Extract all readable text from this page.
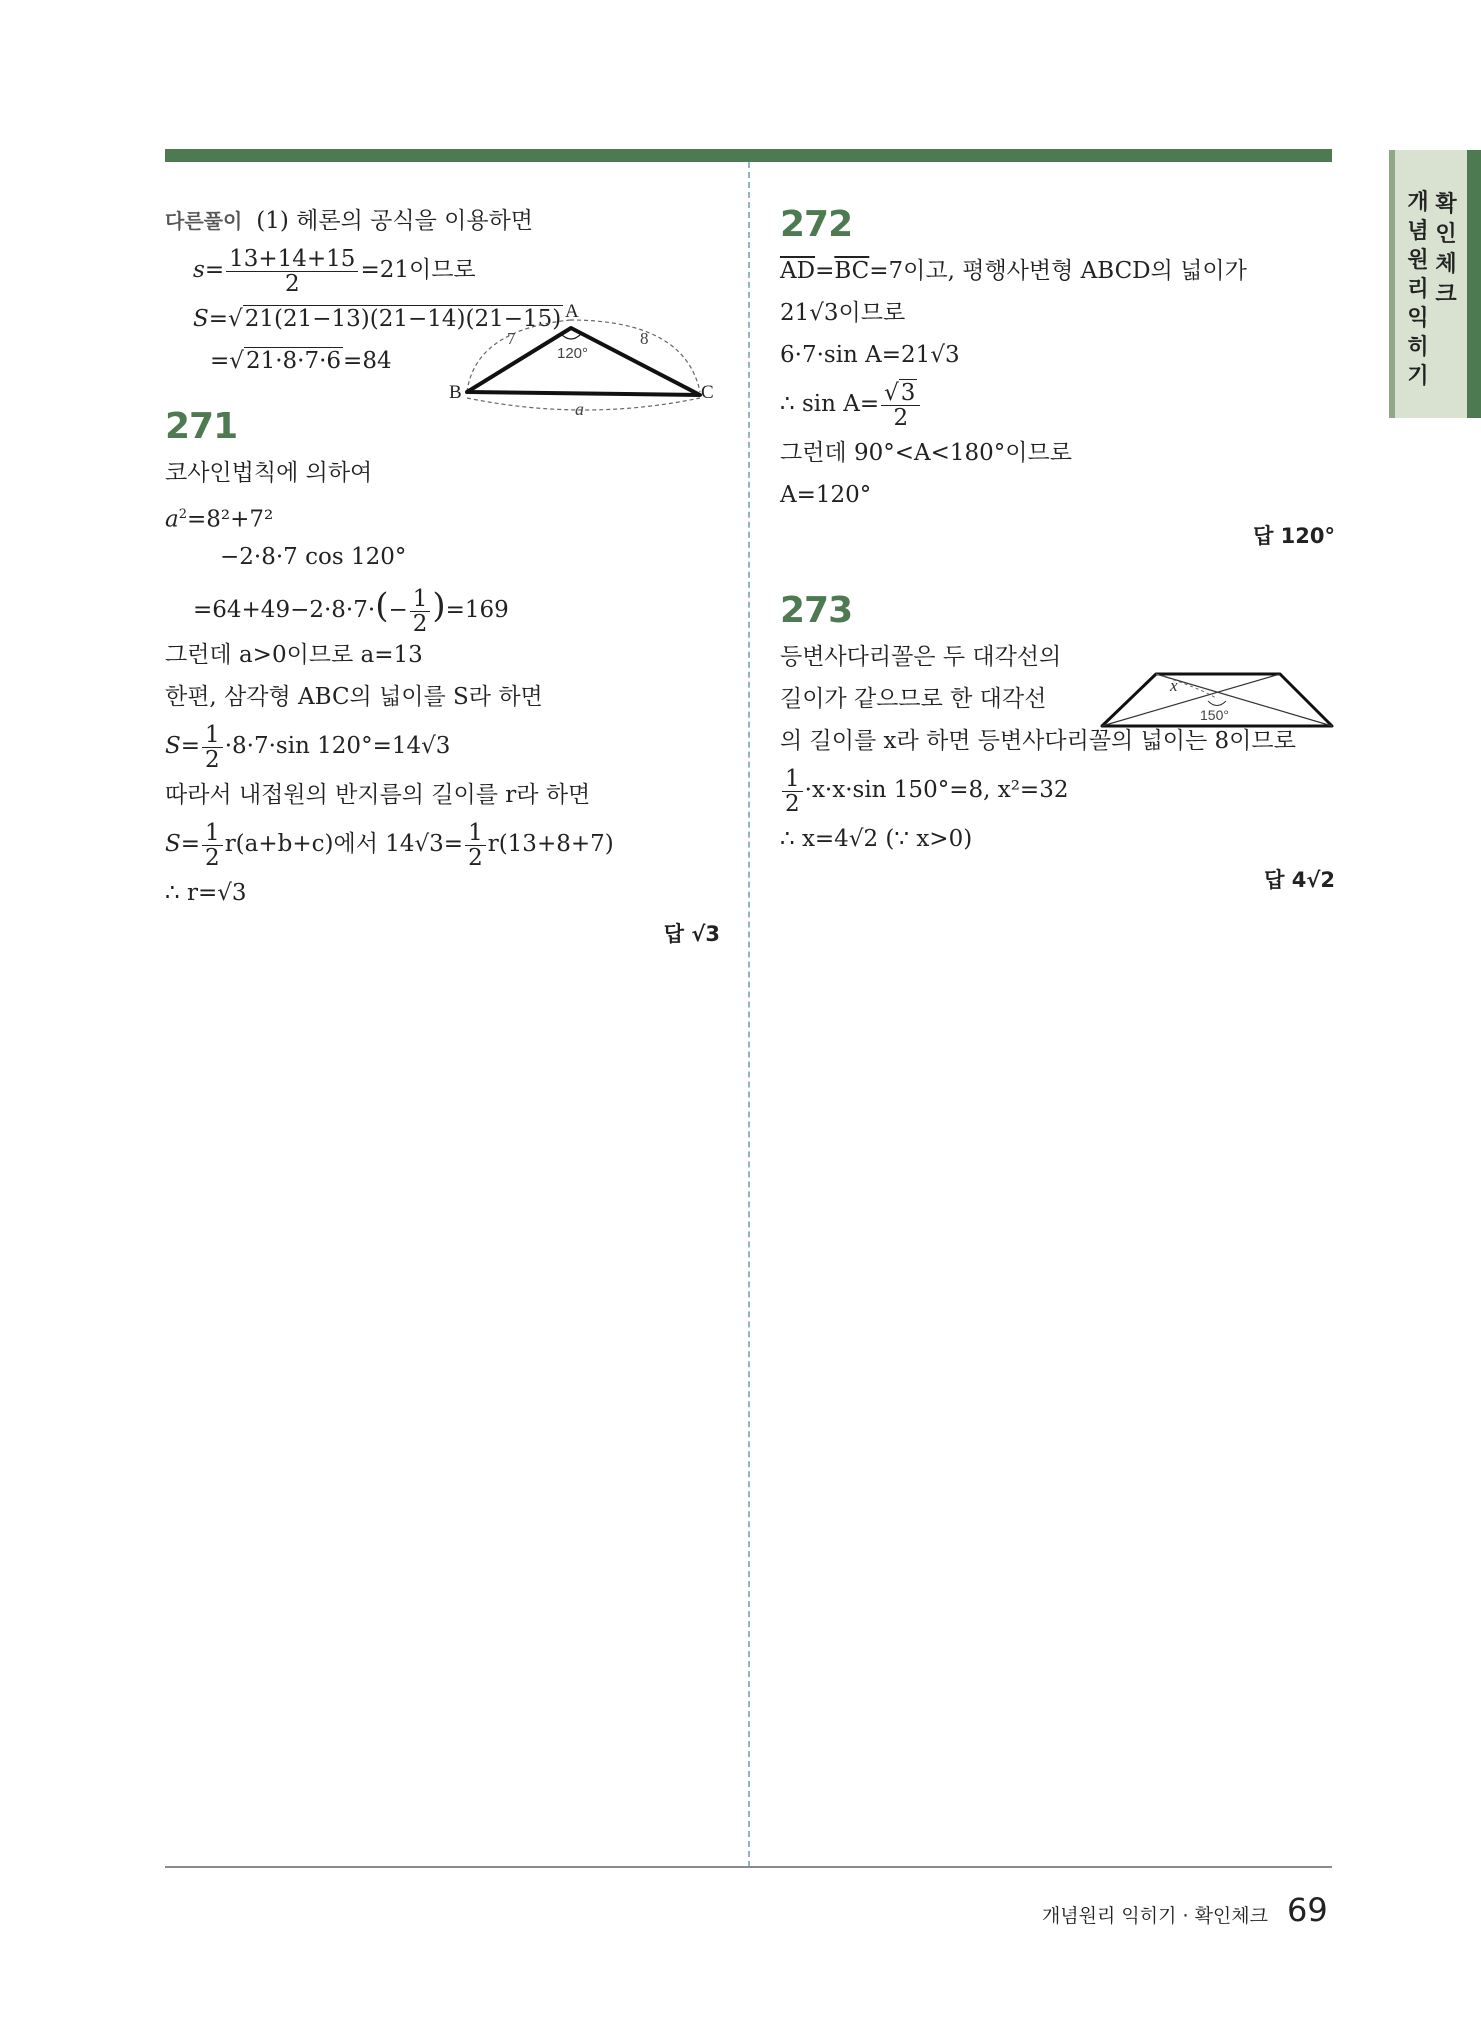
개념원리 익히기
확인체크
다른풀이 (1) 헤론의 공식을 이용하면
$s= \frac{13+14+15}{2} =21$이므로
S=√21(21−13)(21−14)(21−15)
=√21·8·7·6=84
271
코사인법칙에 의하여
$a^2=8^2+7^2$
−2·8·7 cos 120°
$=64+49-2\cdot 8\cdot 7\cdot(- \frac{1}{2} )=169$
그런데 a>0이므로 a=13
한편, 삼각형 ABC의 넓이를 S라 하면
$S= \frac{1}{2} \cdot 8\cdot 7\cdot\sin$ 120°=14√3
따라서 내접원의 반지름의 길이를 r라 하면
$S= \frac{1}{2} r(a+b+c)$에서 $14√3= \frac{1}{2} r(13+8+7)$
∴ r=√3
답 √3
A
B	C
7	8
120°
a
272
$\overline{AD}=\overline{BC}=7$이고, 평행사변형 ABCD의 넓이가
21√3이므로
6·7·sin A=21√3
∴ $\sin A= \frac{√3}{2}$
그런데 90°<A<180°이므로
A=120°
답 120°
273
등변사다리꼴은 두 대각선의
길이가 같으므로 한 대각선
의 길이를 x라 하면 등변사다리꼴의 넓이는 8이므로
$\frac{1}{2} \cdot x\cdot x\cdot\sin$ 150°=8, x²=32
∴ x=4√2 (∵ x>0)
답 4√2
x
150°
개념원리 익히기 · 확인체크 69
